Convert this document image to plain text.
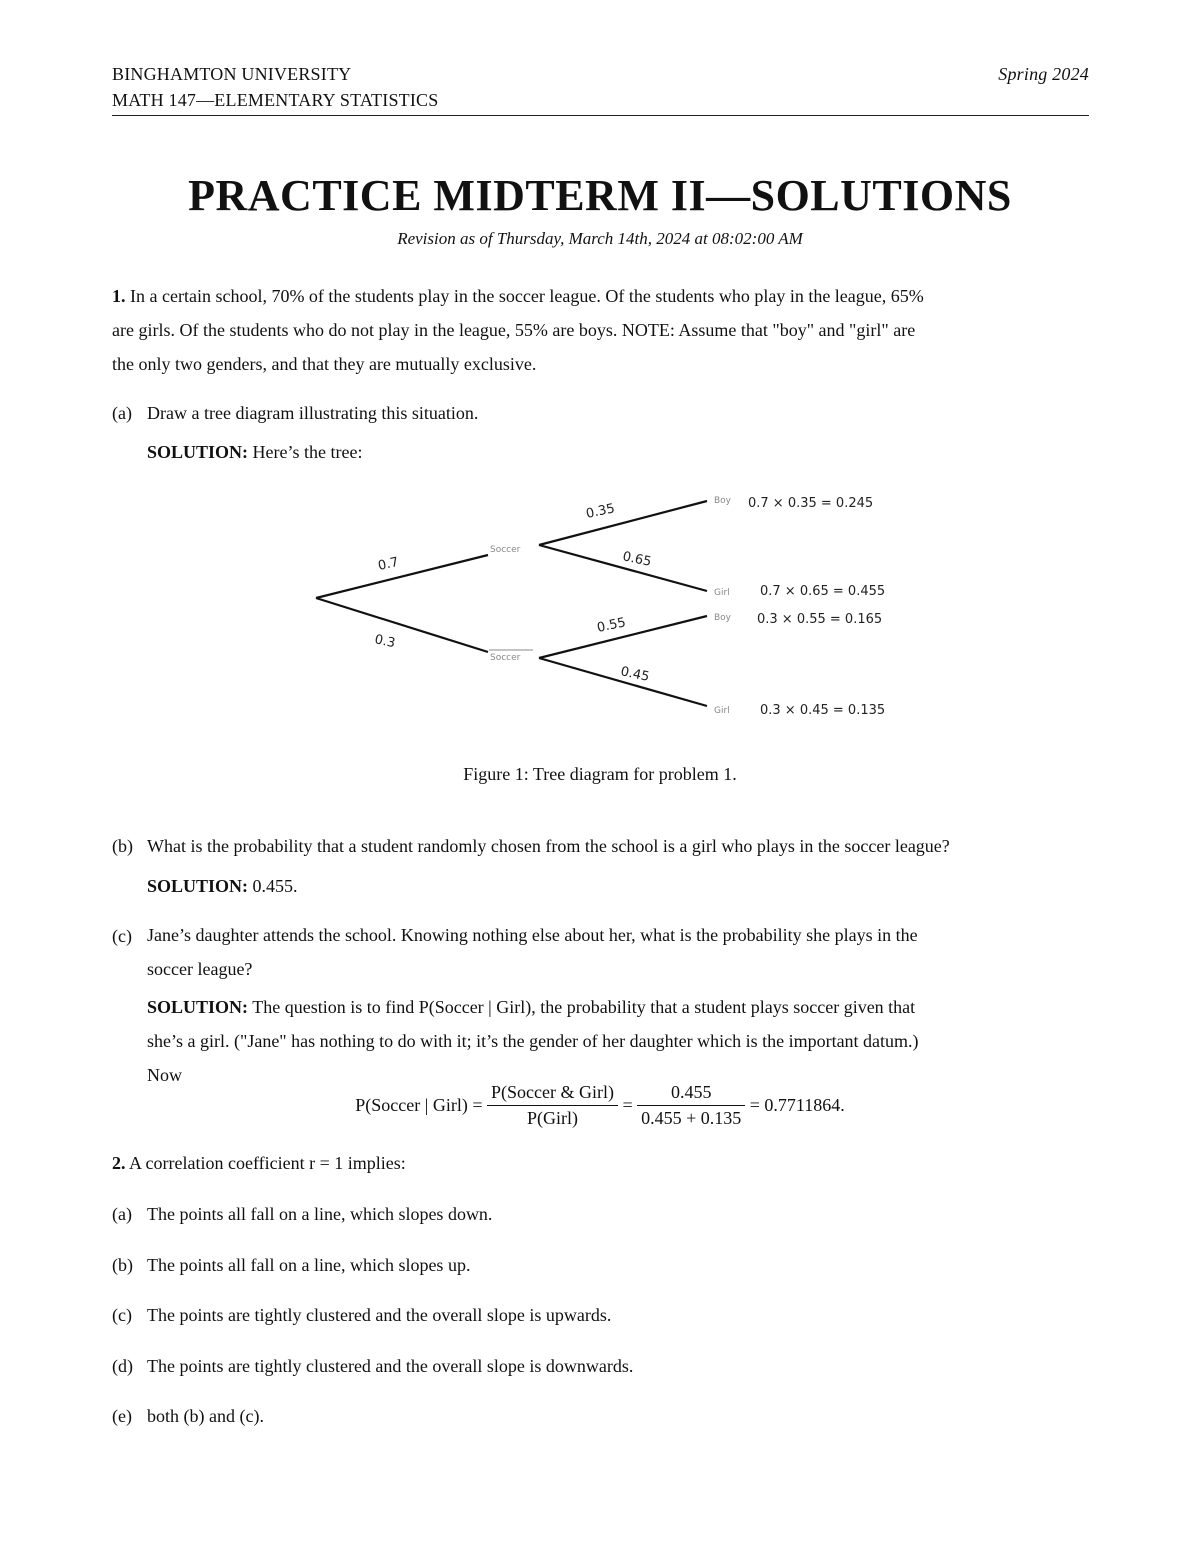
BINGHAMTON UNIVERSITY
MATH 147—ELEMENTARY STATISTICS
Spring 2024
PRACTICE MIDTERM II—SOLUTIONS
Revision as of Thursday, March 14th, 2024 at 08:02:00 AM
1. In a certain school, 70% of the students play in the soccer league. Of the students who play in the league, 65%
are girls. Of the students who do not play in the league, 55% are boys. NOTE: Assume that "boy" and "girl" are
the only two genders, and that they are mutually exclusive.
(a) Draw a tree diagram illustrating this situation.
SOLUTION: Here’s the tree:
0.7
0.3
0.35
0.65
0.55
0.45
Soccer
Soccer
Boy
Girl
Boy
Girl
0.7 × 0.35 = 0.245
0.7 × 0.65 = 0.455
0.3 × 0.55 = 0.165
0.3 × 0.45 = 0.135
Figure 1: Tree diagram for problem 1.
(b) What is the probability that a student randomly chosen from the school is a girl who plays in the soccer league?
SOLUTION: 0.455.
(c) Jane’s daughter attends the school. Knowing nothing else about her, what is the probability she plays in the
soccer league?
SOLUTION: The question is to find P(Soccer | Girl), the probability that a student plays soccer given that
she’s a girl. ("Jane" has nothing to do with it; it’s the gender of her daughter which is the important datum.)
Now
P(Soccer | Girl) = $\frac{\text{P(Soccer \& Girl)}}{\text{P(Girl)}} = \frac{0.455}{0.455 + 0.135} = 0.7711864$.
2. A correlation coefficient r = 1 implies:
(a) The points all fall on a line, which slopes down.
(b) The points all fall on a line, which slopes up.
(c) The points are tightly clustered and the overall slope is upwards.
(d) The points are tightly clustered and the overall slope is downwards.
(e) both (b) and (c).
